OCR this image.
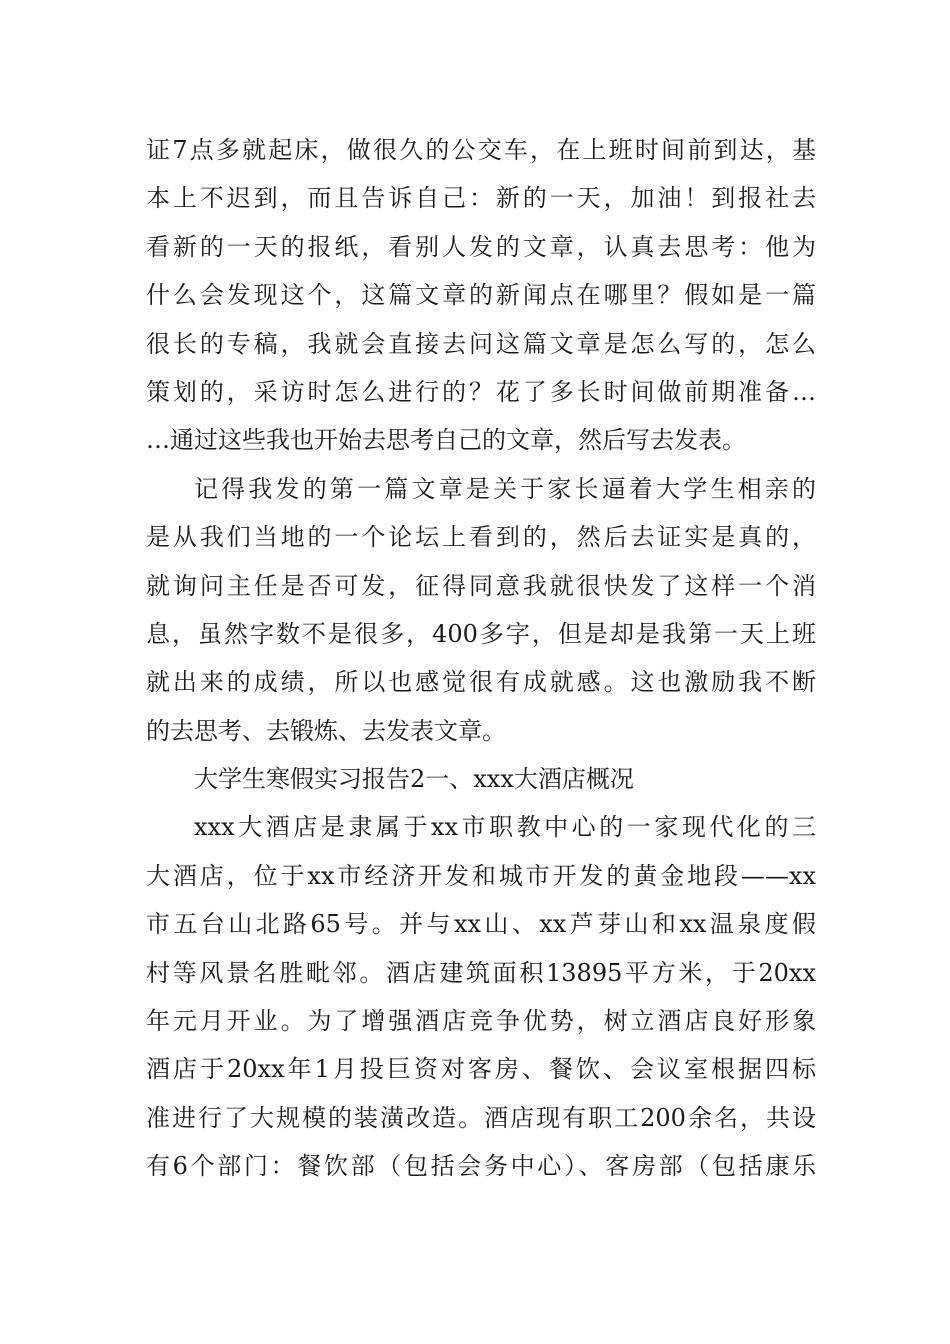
证7点多就起床，做很久的公交车，在上班时间前到达，基
本上不迟到，而且告诉自己：新的一天，加油！到报社去
看新的一天的报纸，看别人发的文章，认真去思考：他为
什么会发现这个，这篇文章的新闻点在哪里？假如是一篇
很长的专稿，我就会直接去问这篇文章是怎么写的，怎么
策划的，采访时怎么进行的？花了多长时间做前期准备…
…通过这些我也开始去思考自己的文章，然后写去发表。
记得我发的第一篇文章是关于家长逼着大学生相亲的
是从我们当地的一个论坛上看到的，然后去证实是真的，
就询问主任是否可发，征得同意我就很快发了这样一个消
息，虽然字数不是很多，400多字，但是却是我第一天上班
就出来的成绩，所以也感觉很有成就感。这也激励我不断
的去思考、去锻炼、去发表文章。
大学生寒假实习报告2一、xxx大酒店概况
xxx大酒店是隶属于xx市职教中心的一家现代化的三
大酒店，位于xx市经济开发和城市开发的黄金地段——xx
市五台山北路65号。并与xx山、xx芦芽山和xx温泉度假
村等风景名胜毗邻。酒店建筑面积13895平方米，于20xx
年元月开业。为了增强酒店竞争优势，树立酒店良好形象
酒店于20xx年1月投巨资对客房、餐饮、会议室根据四标
准进行了大规模的装潢改造。酒店现有职工200余名，共设
有6个部门：餐饮部（包括会务中心）、客房部（包括康乐
